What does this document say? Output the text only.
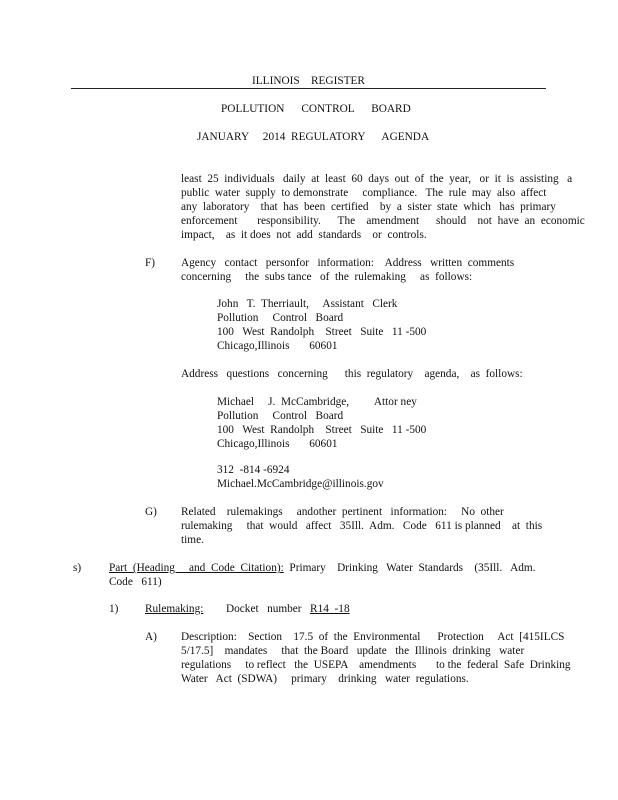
ILLINOIS    REGISTER
POLLUTION      CONTROL      BOARD
JANUARY     2014  REGULATORY      AGENDA
least  25  individuals   daily  at  least  60  days  out  of  the  year,   or  it  is  assisting   a
public  water  supply  to demonstrate     compliance.   The  rule  may  also  affect
any  laboratory    that  has  been  certified    by  a  sister  state  which   has  primary
enforcement       responsibility.      The    amendment      should    not  have  an  economic
impact,    as  it does  not  add  standards    or  controls.
F) Agency   contact   personfor   information:    Address   written  comments
concerning     the  subs tance   of  the  rulemaking     as  follows:
John   T.  Therriault,     Assistant   Clerk
Pollution     Control   Board
100   West  Randolph    Street   Suite   11 -500
Chicago,Illinois       60601
Address   questions   concerning      this  regulatory    agenda,    as  follows:
Michael     J.  McCambridge,         Attor ney
Pollution     Control   Board
100   West  Randolph    Street   Suite   11 -500
Chicago,Illinois       60601
312  -814 -6924
Michael.McCambridge@illinois.gov
G) Related    rulemakings     andother  pertinent   information:     No  other
rulemaking     that  would   affect   35Ill.  Adm.   Code   611 is planned    at  this
time.
s) Part  (Heading     and  Code  Citation):  Primary    Drinking   Water  Standards    (35Ill.   Adm.
Code   611)
1) Rulemaking:        Docket   number   R14  -18
A) Description:    Section    17.5  of  the  Environmental      Protection     Act  [415ILCS
5/17.5]    mandates     that  the Board   update   the  Illinois  drinking   water
regulations     to reflect   the  USEPA    amendments       to the  federal  Safe  Drinking
Water   Act  (SDWA)     primary    drinking   water  regulations.
